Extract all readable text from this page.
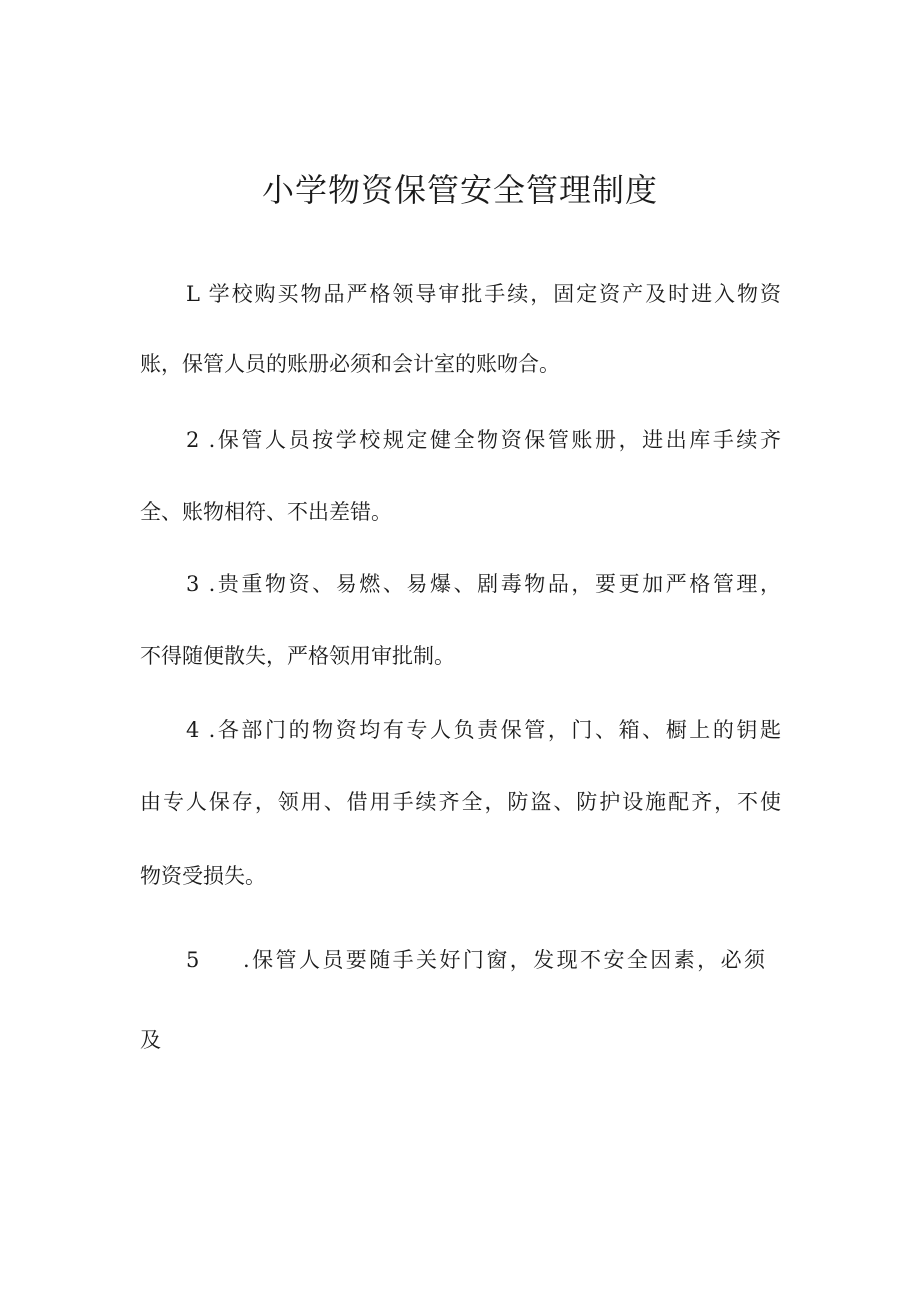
小学物资保管安全管理制度
L 学校购买物品严格领导审批手续，固定资产及时进入物资
账，保管人员的账册必须和会计室的账吻合。
2 .保管人员按学校规定健全物资保管账册，进出库手续齐
全、账物相符、不出差错。
3 .贵重物资、易燃、易爆、剧毒物品，要更加严格管理，
不得随便散失，严格领用审批制。
4 .各部门的物资均有专人负责保管，门、箱、橱上的钥匙
由专人保存，领用、借用手续齐全，防盗、防护设施配齐，不使
物资受损失。
5 .保管人员要随手关好门窗，发现不安全因素，必须
及
